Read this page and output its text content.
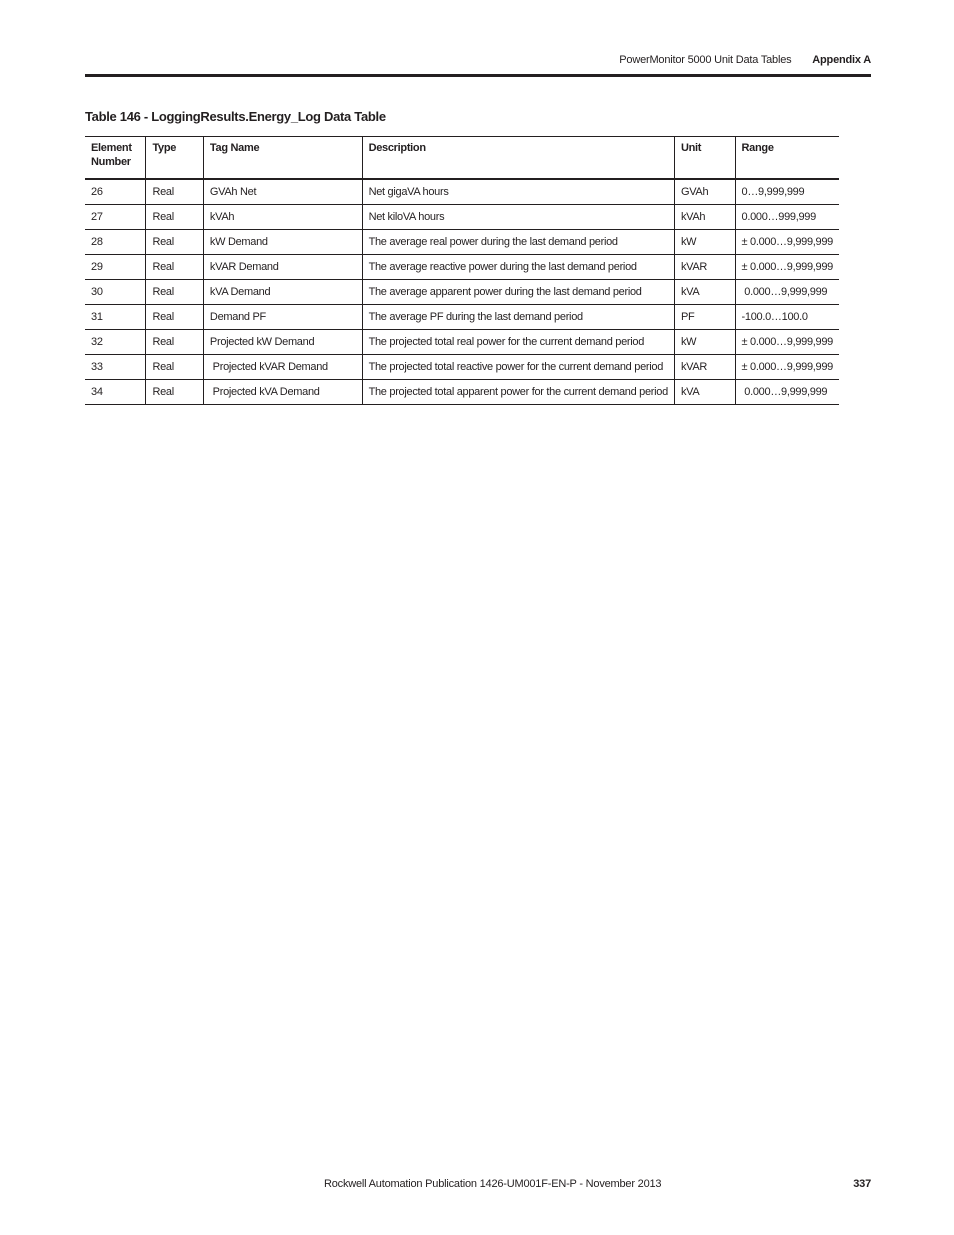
PowerMonitor 5000 Unit Data Tables Appendix A
Table 146 - LoggingResults.Energy_Log Data Table
Element Number	Type	Tag Name	Description	Unit	Range
26	Real	GVAh Net	Net gigaVA hours	GVAh	0…9,999,999
27	Real	kVAh	Net kiloVA hours	kVAh	0.000…999,999
28	Real	kW Demand	The average real power during the last demand period	kW	± 0.000…9,999,999
29	Real	kVAR Demand	The average reactive power during the last demand period	kVAR	± 0.000…9,999,999
30	Real	kVA Demand	The average apparent power during the last demand period	kVA	0.000…9,999,999
31	Real	Demand PF	The average PF during the last demand period	PF	-100.0…100.0
32	Real	Projected kW Demand	The projected total real power for the current demand period	kW	± 0.000…9,999,999
33	Real	Projected kVAR Demand	The projected total reactive power for the current demand period	kVAR	± 0.000…9,999,999
34	Real	Projected kVA Demand	The projected total apparent power for the current demand period	kVA	0.000…9,999,999
Rockwell Automation Publication 1426-UM001F-EN-P - November 2013	337
